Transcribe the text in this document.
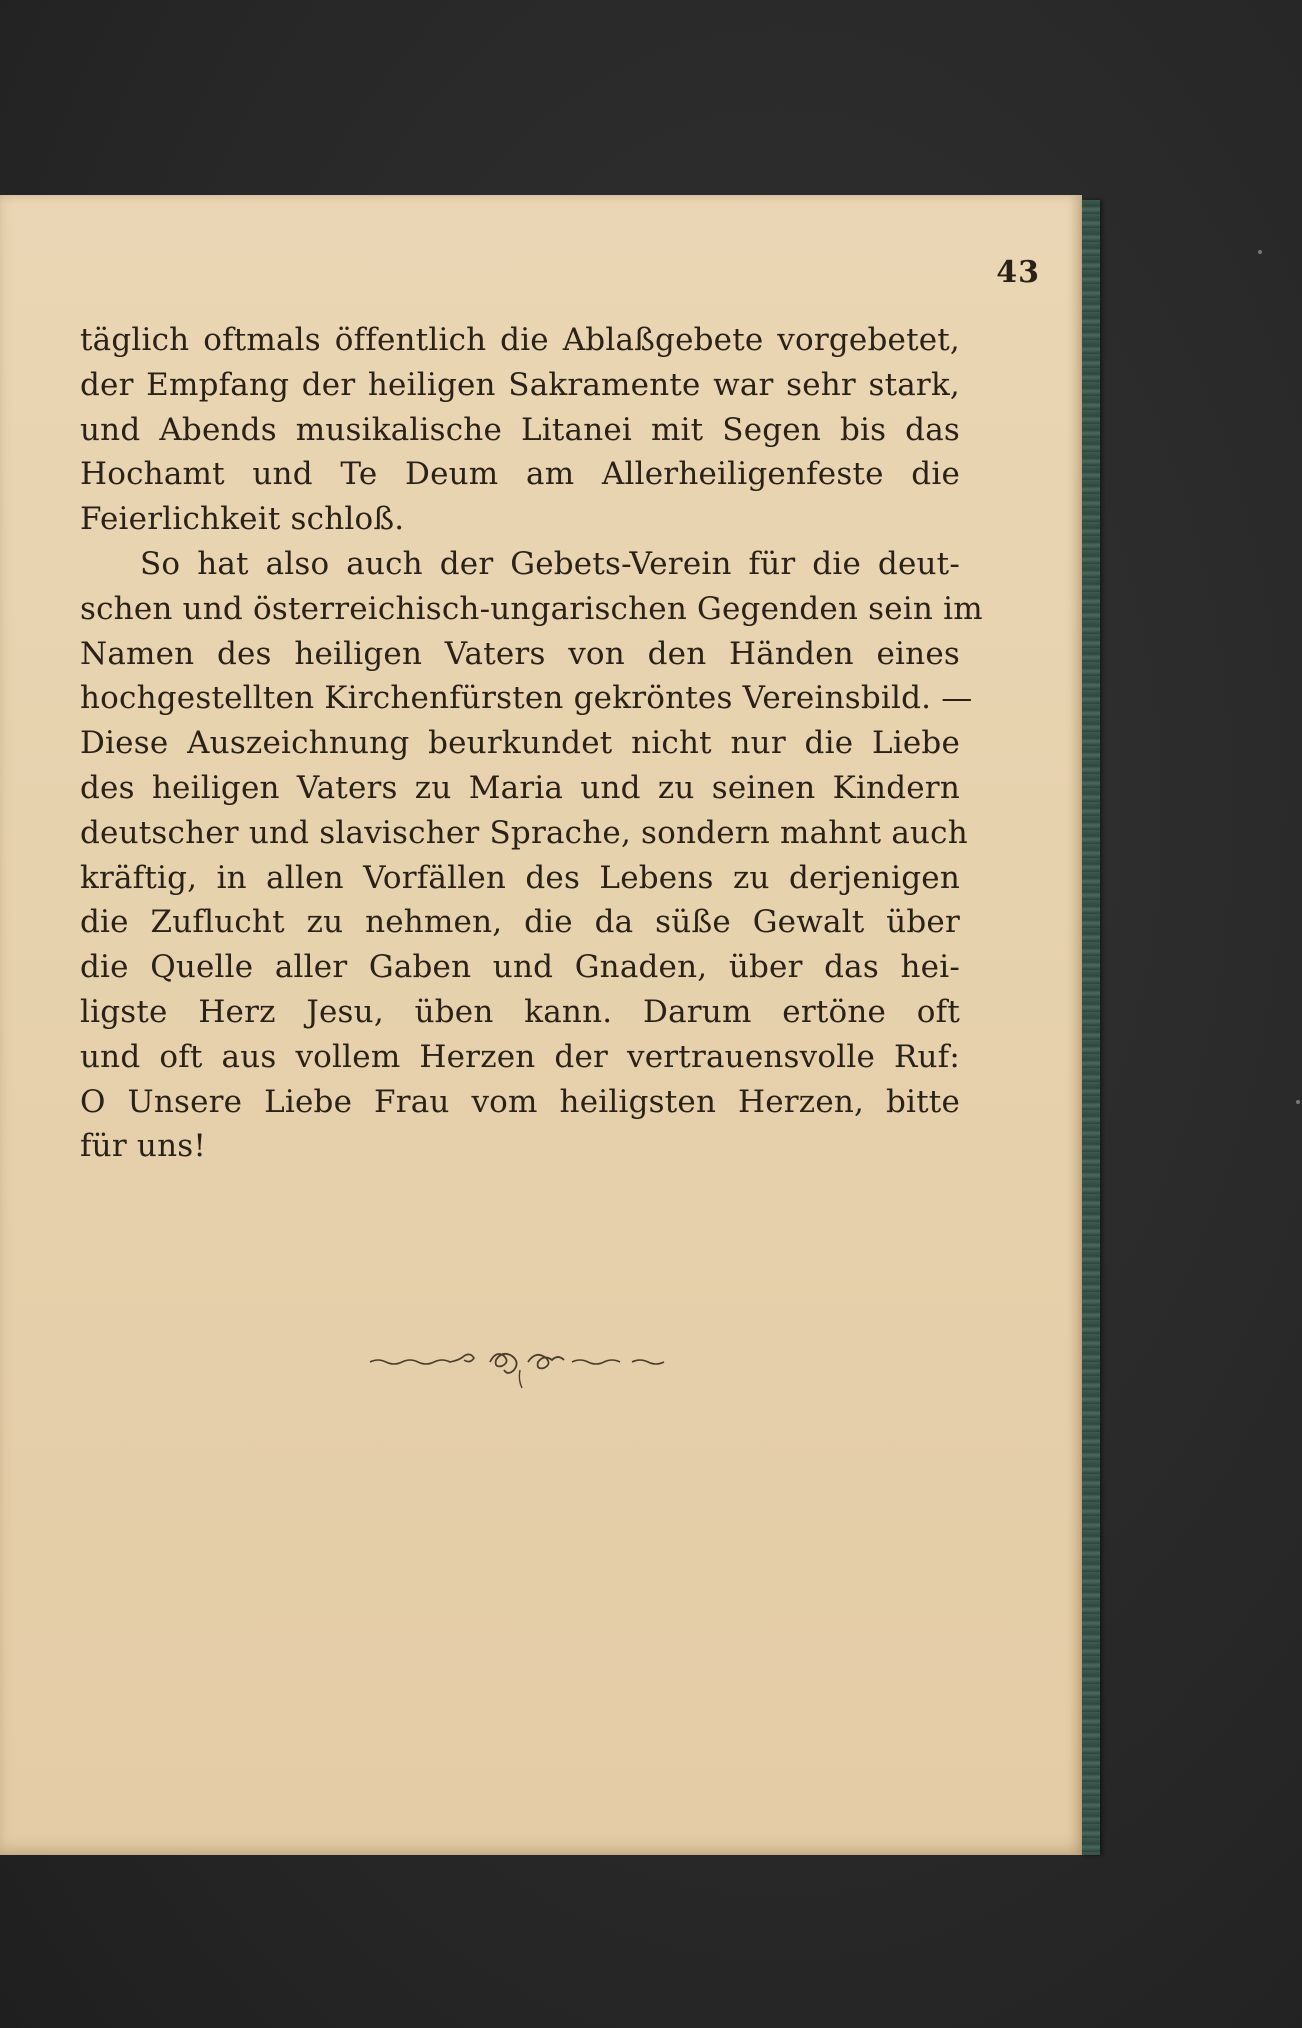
43
täglich oftmals öffentlich die Ablaßgebete vorgebetet,
der Empfang der heiligen Sakramente war sehr stark,
und Abends musikalische Litanei mit Segen bis das
Hochamt und Te Deum am Allerheiligenfeste die
Feierlichkeit schloß.
So hat also auch der Gebets-Verein für die deut-
schen und österreichisch-ungarischen Gegenden sein im
Namen des heiligen Vaters von den Händen eines
hochgestellten Kirchenfürsten gekröntes Vereinsbild. —
Diese Auszeichnung beurkundet nicht nur die Liebe
des heiligen Vaters zu Maria und zu seinen Kindern
deutscher und slavischer Sprache, sondern mahnt auch
kräftig, in allen Vorfällen des Lebens zu derjenigen
die Zuflucht zu nehmen, die da süße Gewalt über
die Quelle aller Gaben und Gnaden, über das hei-
ligste Herz Jesu, üben kann. Darum ertöne oft
und oft aus vollem Herzen der vertrauensvolle Ruf:
O Unsere Liebe Frau vom heiligsten Herzen, bitte
für uns!
